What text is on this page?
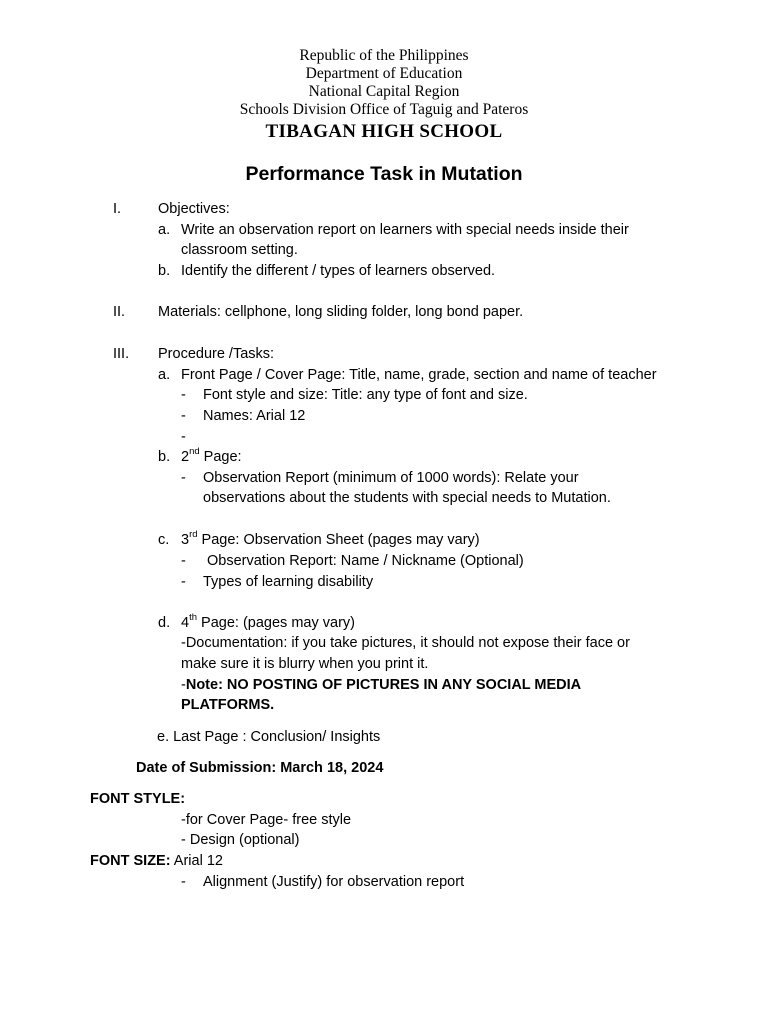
Republic of the Philippines
Department of Education
National Capital Region
Schools Division Office of Taguig and Pateros
TIBAGAN HIGH SCHOOL
Performance Task in Mutation
I.	Objectives:
a. Write an observation report on learners with special needs inside their
classroom setting.
b. Identify the different / types of learners observed.
II. Materials: cellphone, long sliding folder, long bond paper.
III. Procedure /Tasks:
a. Front Page / Cover Page: Title, name, grade, section and name of teacher
- Font style and size: Title: any type of font and size.
- Names: Arial 12
-
b. 2nd Page:
- Observation Report (minimum of 1000 words): Relate your
observations about the students with special needs to Mutation.
c. 3rd Page: Observation Sheet (pages may vary)
- Observation Report: Name / Nickname (Optional)
- Types of learning disability
d. 4th Page: (pages may vary)
-Documentation: if you take pictures, it should not expose their face or
make sure it is blurry when you print it.
-Note: NO POSTING OF PICTURES IN ANY SOCIAL MEDIA
PLATFORMS.
e. Last Page : Conclusion/ Insights
Date of Submission: March 18, 2024
FONT STYLE:
-for Cover Page- free style
- Design (optional)
FONT SIZE: Arial 12
- Alignment (Justify) for observation report
